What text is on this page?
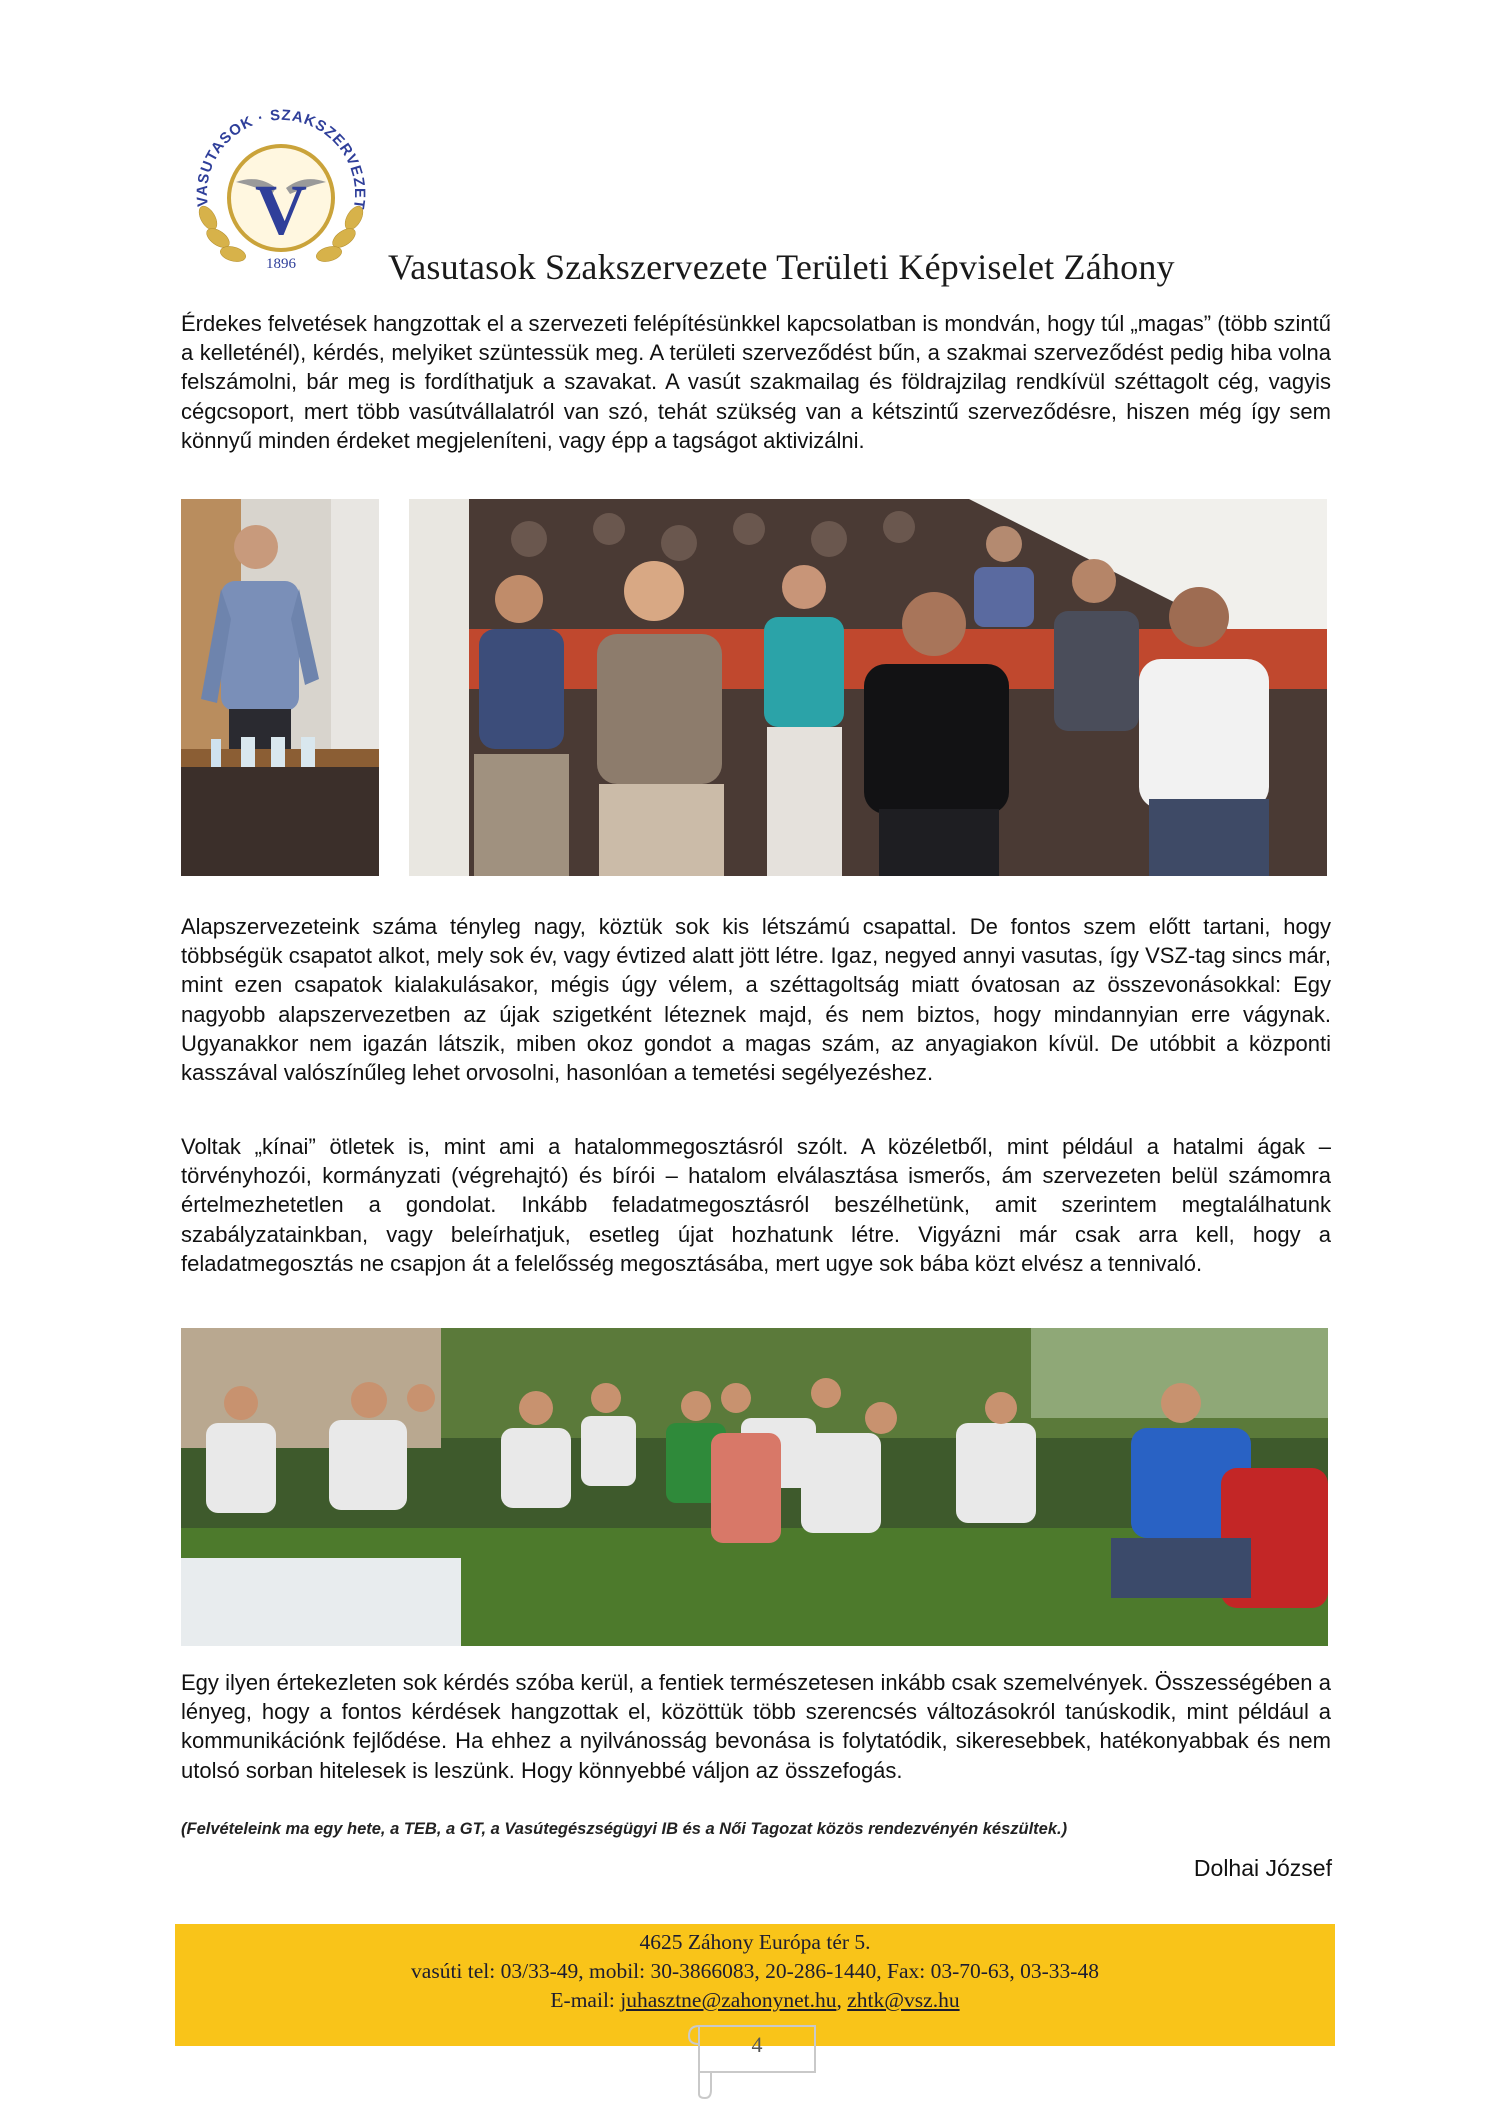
VASUTASOK · SZAKSZERVEZET
V
1896	Vasutasok Szakszervezete Területi Képviselet Záhony

Érdekes felvetések hangzottak el a szervezeti felépítésünkkel kapcsolatban is mondván, hogy túl „magas” (több szintű a kelleténél), kérdés, melyiket szüntessük meg. A területi szerveződést bűn, a szakmai szerveződést pedig hiba volna felszámolni, bár meg is fordíthatjuk a szavakat. A vasút szakmailag és földrajzilag rendkívül széttagolt cég, vagyis cégcsoport, mert több vasútvállalatról van szó, tehát szükség van a kétszintű szerveződésre, hiszen még így sem könnyű minden érdeket megjeleníteni, vagy épp a tagságot aktivizálni.

Alapszervezeteink száma tényleg nagy, köztük sok kis létszámú csapattal. De fontos szem előtt tartani, hogy többségük csapatot alkot, mely sok év, vagy évtized alatt jött létre. Igaz, negyed annyi vasutas, így VSZ-tag sincs már, mint ezen csapatok kialakulásakor, mégis úgy vélem, a széttagoltság miatt óvatosan az összevonásokkal: Egy nagyobb alapszervezetben az újak szigetként léteznek majd, és nem biztos, hogy mindannyian erre vágynak. Ugyanakkor nem igazán látszik, miben okoz gondot a magas szám, az anyagiakon kívül. De utóbbit a központi kasszával valószínűleg lehet orvosolni, hasonlóan a temetési segélyezéshez.

Voltak „kínai” ötletek is, mint ami a hatalommegosztásról szólt. A közéletből, mint például a hatalmi ágak – törvényhozói, kormányzati (végrehajtó) és bírói – hatalom elválasztása ismerős, ám szervezeten belül számomra értelmezhetetlen a gondolat. Inkább feladatmegosztásról beszélhetünk, amit szerintem megtalálhatunk szabályzatainkban, vagy beleírhatjuk, esetleg újat hozhatunk létre. Vigyázni már csak arra kell, hogy a feladatmegosztás ne csapjon át a felelősség megosztásába, mert ugye sok bába közt elvész a tennivaló.

Egy ilyen értekezleten sok kérdés szóba kerül, a fentiek természetesen inkább csak szemelvények. Összességében a lényeg, hogy a fontos kérdések hangzottak el, közöttük több szerencsés változásokról tanúskodik, mint például a kommunikációnk fejlődése. Ha ehhez a nyilvánosság bevonása is folytatódik, sikeresebbek, hatékonyabbak és nem utolsó sorban hitelesek is leszünk. Hogy könnyebbé váljon az összefogás.

(Felvételeink ma egy hete, a TEB, a GT, a Vasútegészségügyi IB és a Női Tagozat közös rendezvényén készültek.)
Dolhai József
4625 Záhony Európa tér 5.
vasúti tel: 03/33-49, mobil: 30-3866083, 20-286-1440, Fax: 03-70-63, 03-33-48
E-mail: juhasztne@zahonynet.hu, zhtk@vsz.hu
4
